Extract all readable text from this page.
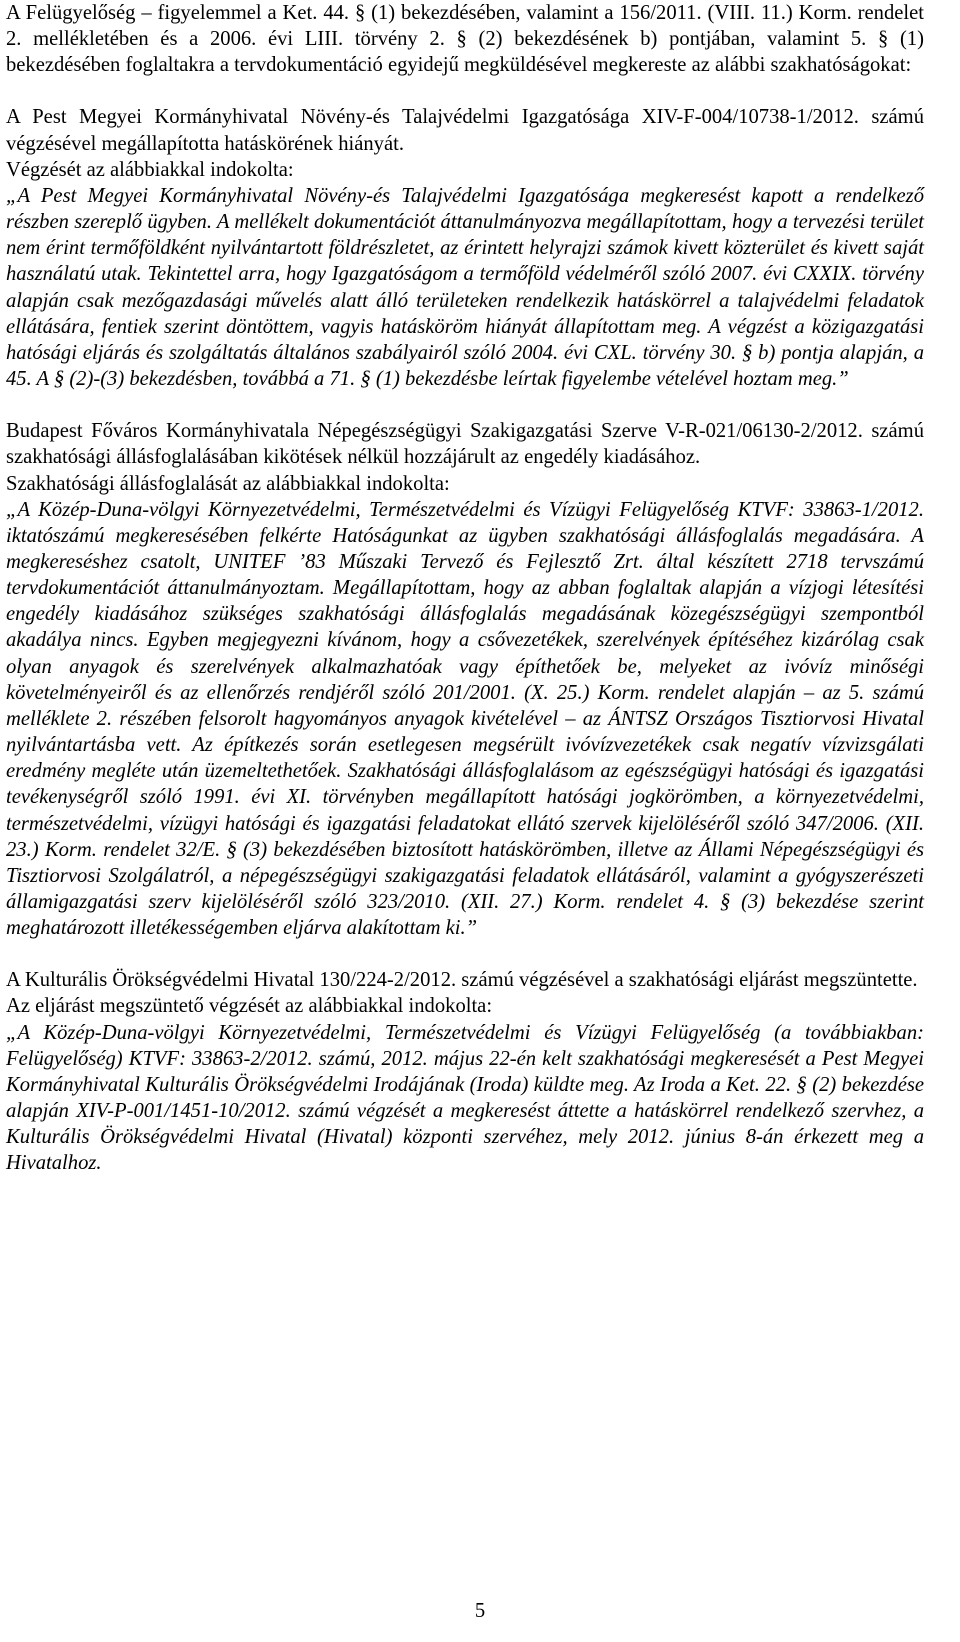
A Felügyelőség – figyelemmel a Ket. 44. § (1) bekezdésében, valamint a 156/2011. (VIII. 11.) Korm. rendelet 2. mellékletében és a 2006. évi LIII. törvény 2. § (2) bekezdésének b) pontjában, valamint 5. § (1) bekezdésében foglaltakra a tervdokumentáció egyidejű megküldésével megkereste az alábbi szakhatóságokat:

A Pest Megyei Kormányhivatal Növény-és Talajvédelmi Igazgatósága XIV-F-004/10738-1/2012. számú végzésével megállapította hatáskörének hiányát.

Végzését az alábbiakkal indokolta:

„A Pest Megyei Kormányhivatal Növény-és Talajvédelmi Igazgatósága megkeresést kapott a rendelkező részben szereplő ügyben. A mellékelt dokumentációt áttanulmányozva megállapítottam, hogy a tervezési terület nem érint termőföldként nyilvántartott földrészletet, az érintett helyrajzi számok kivett közterület és kivett saját használatú utak. Tekintettel arra, hogy Igazgatóságom a termőföld védelméről szóló 2007. évi CXXIX. törvény alapján csak mezőgazdasági művelés alatt álló területeken rendelkezik hatáskörrel a talajvédelmi feladatok ellátására, fentiek szerint döntöttem, vagyis hatásköröm hiányát állapítottam meg. A végzést a közigazgatási hatósági eljárás és szolgáltatás általános szabályairól szóló 2004. évi CXL. törvény 30. § b) pontja alapján, a 45. A § (2)-(3) bekezdésben, továbbá a 71. § (1) bekezdésbe leírtak figyelembe vételével hoztam meg.”

Budapest Főváros Kormányhivatala Népegészségügyi Szakigazgatási Szerve V-R-021/06130-2/2012. számú szakhatósági állásfoglalásában kikötések nélkül hozzájárult az engedély kiadásához.

Szakhatósági állásfoglalását az alábbiakkal indokolta:

„A Közép-Duna-völgyi Környezetvédelmi, Természetvédelmi és Vízügyi Felügyelőség KTVF: 33863-1/2012. iktatószámú megkeresésében felkérte Hatóságunkat az ügyben szakhatósági állásfoglalás megadására. A megkereséshez csatolt, UNITEF ’83 Műszaki Tervező és Fejlesztő Zrt. által készített 2718 tervszámú tervdokumentációt áttanulmányoztam. Megállapítottam, hogy az abban foglaltak alapján a vízjogi létesítési engedély kiadásához szükséges szakhatósági állásfoglalás megadásának közegészségügyi szempontból akadálya nincs. Egyben megjegyezni kívánom, hogy a csővezetékek, szerelvények építéséhez kizárólag csak olyan anyagok és szerelvények alkalmazhatóak vagy építhetőek be, melyeket az ivóvíz minőségi követelményeiről és az ellenőrzés rendjéről szóló 201/2001. (X. 25.) Korm. rendelet alapján – az 5. számú melléklete 2. részében felsorolt hagyományos anyagok kivételével – az ÁNTSZ Országos Tisztiorvosi Hivatal nyilvántartásba vett. Az építkezés során esetlegesen megsérült ivóvízvezetékek csak negatív vízvizsgálati eredmény megléte után üzemeltethetőek. Szakhatósági állásfoglalásom az egészségügyi hatósági és igazgatási tevékenységről szóló 1991. évi XI. törvényben megállapított hatósági jogkörömben, a környezetvédelmi, természetvédelmi, vízügyi hatósági és igazgatási feladatokat ellátó szervek kijelöléséről szóló 347/2006. (XII. 23.) Korm. rendelet 32/E. § (3) bekezdésében biztosított hatáskörömben, illetve az Állami Népegészségügyi és Tisztiorvosi Szolgálatról, a népegészségügyi szakigazgatási feladatok ellátásáról, valamint a gyógyszerészeti államigazgatási szerv kijelöléséről szóló 323/2010. (XII. 27.) Korm. rendelet 4. § (3) bekezdése szerint meghatározott illetékességemben eljárva alakítottam ki.”

A Kulturális Örökségvédelmi Hivatal 130/224-2/2012. számú végzésével a szakhatósági eljárást megszüntette.

Az eljárást megszüntető végzését az alábbiakkal indokolta:

„A Közép-Duna-völgyi Környezetvédelmi, Természetvédelmi és Vízügyi Felügyelőség (a továbbiakban: Felügyelőség) KTVF: 33863-2/2012. számú, 2012. május 22-én kelt szakhatósági megkeresését a Pest Megyei Kormányhivatal Kulturális Örökségvédelmi Irodájának (Iroda) küldte meg. Az Iroda a Ket. 22. § (2) bekezdése alapján XIV-P-001/1451-10/2012. számú végzését a megkeresést áttette a hatáskörrel rendelkező szervhez, a Kulturális Örökségvédelmi Hivatal (Hivatal) központi szervéhez, mely 2012. június 8-án érkezett meg a Hivatalhoz.

5
